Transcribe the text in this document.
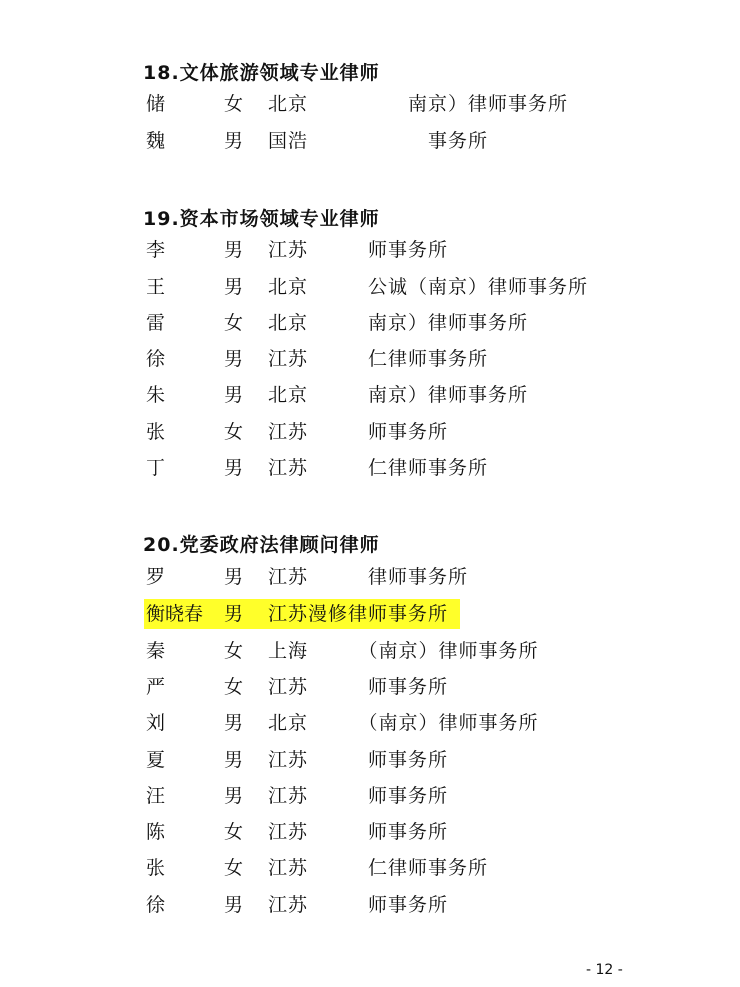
18.文体旅游领域专业律师
储	女 北京　　　　　南京）律师事务所
魏	男 国浩　　　　　　事务所
19.资本市场领域专业律师
李	男 江苏　　　师事务所
王	男 北京　　　公诚（南京）律师事务所
雷	女 北京　　　南京）律师事务所
徐	男 江苏　　　仁律师事务所
朱	男 北京　　　南京）律师事务所
张	女 江苏　　　师事务所
丁	男 江苏　　　仁律师事务所
20.党委政府法律顾问律师
罗	男 江苏　　　律师事务所
衡晓春 男 江苏漫修律师事务所
秦	女 上海　　　（南京）律师事务所
严	女 江苏　　　师事务所
刘	男 北京　　　（南京）律师事务所
夏	男 江苏　　　师事务所
汪	男 江苏　　　师事务所
陈	女 江苏　　　师事务所
张	女 江苏　　　仁律师事务所
徐	男 江苏　　　师事务所
- 12 -
